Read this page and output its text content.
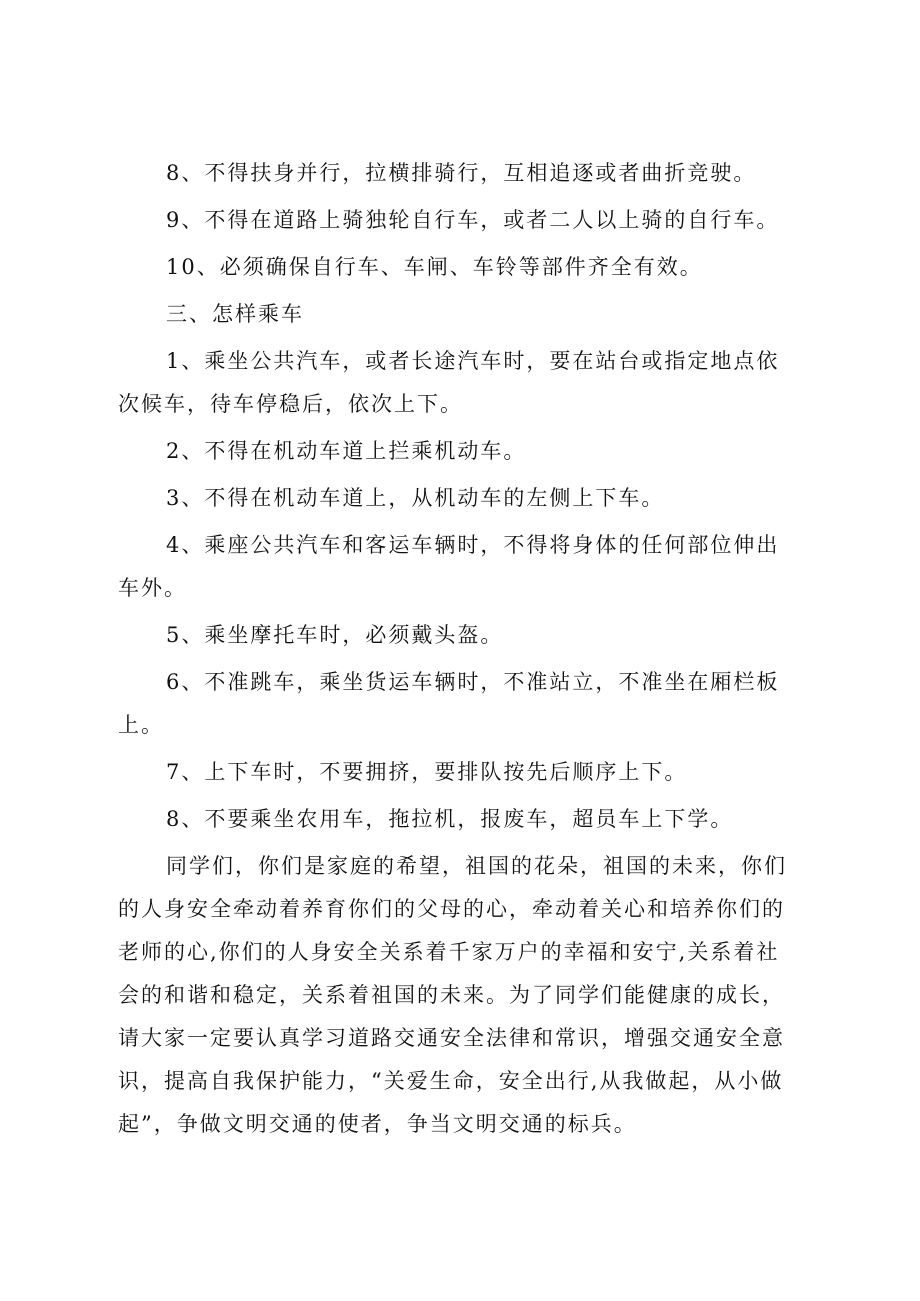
8、不得扶身并行，拉横排骑行，互相追逐或者曲折竞驶。

9、不得在道路上骑独轮自行车，或者二人以上骑的自行车。

10、必须确保自行车、车闸、车铃等部件齐全有效。

三、怎样乘车

1、乘坐公共汽车，或者长途汽车时，要在站台或指定地点依次候车，待车停稳后，依次上下。

2、不得在机动车道上拦乘机动车。

3、不得在机动车道上，从机动车的左侧上下车。

4、乘座公共汽车和客运车辆时，不得将身体的任何部位伸出车外。

5、乘坐摩托车时，必须戴头盔。

6、不准跳车，乘坐货运车辆时，不准站立，不准坐在厢栏板上。

7、上下车时，不要拥挤，要排队按先后顺序上下。

8、不要乘坐农用车，拖拉机，报废车，超员车上下学。

同学们，你们是家庭的希望，祖国的花朵，祖国的未来，你们的人身安全牵动着养育你们的父母的心，牵动着关心和培养你们的老师的心,你们的人身安全关系着千家万户的幸福和安宁,关系着社会的和谐和稳定，关系着祖国的未来。为了同学们能健康的成长，请大家一定要认真学习道路交通安全法律和常识，增强交通安全意识，提高自我保护能力，“关爱生命，安全出行,从我做起，从小做起”，争做文明交通的使者，争当文明交通的标兵。
